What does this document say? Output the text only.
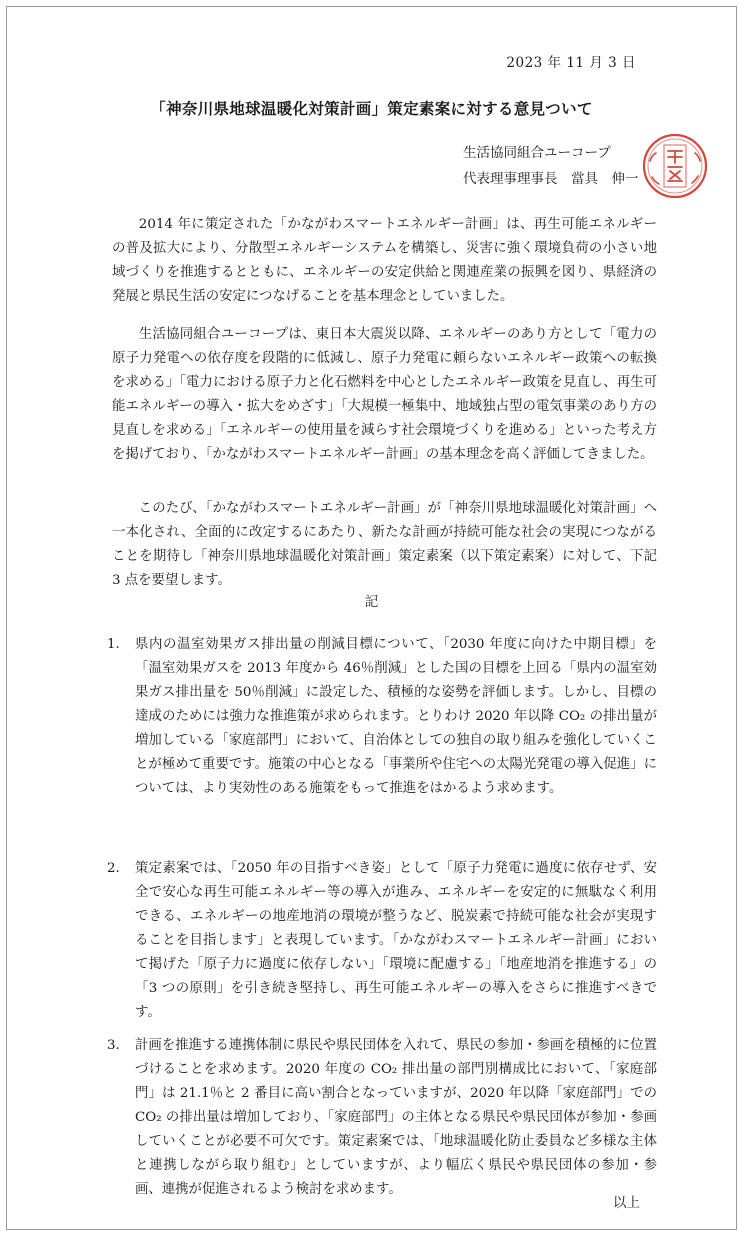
2023 年 11 月 3 日
「神奈川県地球温暖化対策計画」策定素案に対する意見ついて
生活協同組合ユーコープ
代表理事理事長　當具　伸一

2014 年に策定された「かながわスマートエネルギー計画」は、再生可能エネルギーの普及拡大により、分散型エネルギーシステムを構築し、災害に強く環境負荷の小さい地域づくりを推進するとともに、エネルギーの安定供給と関連産業の振興を図り、県経済の発展と県民生活の安定につなげることを基本理念としていました。

生活協同組合ユーコープは、東日本大震災以降、エネルギーのあり方として「電力の原子力発電への依存度を段階的に低減し、原子力発電に頼らないエネルギー政策への転換を求める」「電力における原子力と化石燃料を中心としたエネルギー政策を見直し、再生可能エネルギーの導入・拡大をめざす」「大規模一極集中、地域独占型の電気事業のあり方の見直しを求める」「エネルギーの使用量を減らす社会環境づくりを進める」といった考え方を掲げており、「かながわスマートエネルギー計画」の基本理念を高く評価してきました。

このたび、「かながわスマートエネルギー計画」が「神奈川県地球温暖化対策計画」へ一本化され、全面的に改定するにあたり、新たな計画が持続可能な社会の実現につながることを期待し「神奈川県地球温暖化対策計画」策定素案（以下策定素案）に対して、下記 3 点を要望します。

記
1. 県内の温室効果ガス排出量の削減目標について、「2030 年度に向けた中期目標」を「温室効果ガスを 2013 年度から 46％削減」とした国の目標を上回る「県内の温室効果ガス排出量を 50％削減」に設定した、積極的な姿勢を評価します。しかし、目標の達成のためには強力な推進策が求められます。とりわけ 2020 年以降 CO₂ の排出量が増加している「家庭部門」において、自治体としての独自の取り組みを強化していくことが極めて重要です。施策の中心となる「事業所や住宅への太陽光発電の導入促進」については、より実効性のある施策をもって推進をはかるよう求めます。

2. 策定素案では、「2050 年の目指すべき姿」として「原子力発電に過度に依存せず、安全で安心な再生可能エネルギー等の導入が進み、エネルギーを安定的に無駄なく利用できる、エネルギーの地産地消の環境が整うなど、脱炭素で持続可能な社会が実現することを目指します」と表現しています。「かながわスマートエネルギー計画」において掲げた「原子力に過度に依存しない」「環境に配慮する」「地産地消を推進する」の「3 つの原則」を引き続き堅持し、再生可能エネルギーの導入をさらに推進すべきです。

3. 計画を推進する連携体制に県民や県民団体を入れて、県民の参加・参画を積極的に位置づけることを求めます。2020 年度の CO₂ 排出量の部門別構成比において、「家庭部門」は 21.1％と 2 番目に高い割合となっていますが、2020 年以降「家庭部門」での CO₂ の排出量は増加しており、「家庭部門」の主体となる県民や県民団体が参加・参画していくことが必要不可欠です。策定素案では、「地球温暖化防止委員など多様な主体と連携しながら取り組む」としていますが、より幅広く県民や県民団体の参加・参画、連携が促進されるよう検討を求めます。

以上
